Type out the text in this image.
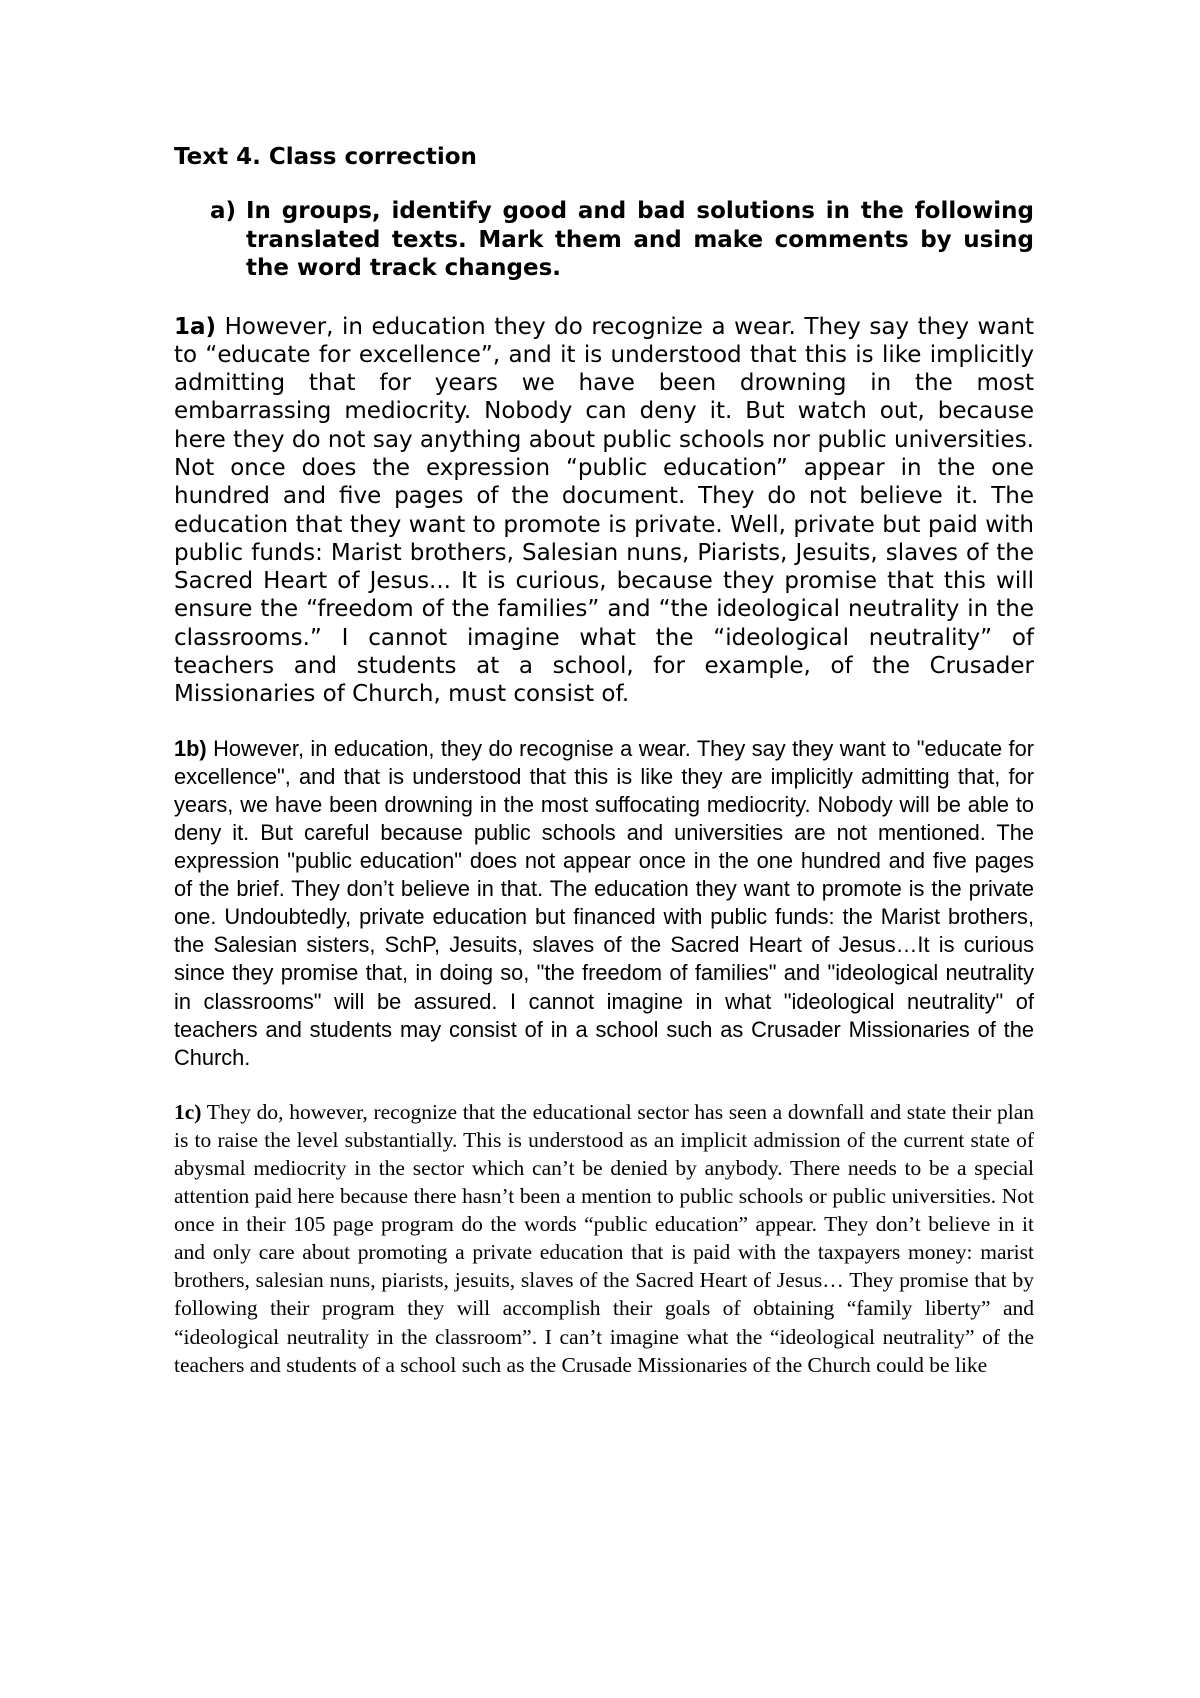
Text 4. Class correction
a) In groups, identify good and bad solutions in the following translated texts. Mark them and make comments by using the word track changes.

1a) However, in education they do recognize a wear. They say they want to “educate for excellence”, and it is understood that this is like implicitly admitting that for years we have been drowning in the most embarrassing mediocrity. Nobody can deny it. But watch out, because here they do not say anything about public schools nor public universities. Not once does the expression “public education” appear in the one hundred and five pages of the document. They do not believe it. The education that they want to promote is private. Well, private but paid with public funds: Marist brothers, Salesian nuns, Piarists, Jesuits, slaves of the Sacred Heart of Jesus... It is curious, because they promise that this will ensure the “freedom of the families” and “the ideological neutrality in the classrooms.” I cannot imagine what the “ideological neutrality” of teachers and students at a school, for example, of the Crusader Missionaries of Church, must consist of.

1b) However, in education, they do recognise a wear. They say they want to "educate for excellence", and that is understood that this is like they are implicitly admitting that, for years, we have been drowning in the most suffocating mediocrity. Nobody will be able to deny it. But careful because public schools and universities are not mentioned. The expression "public education" does not appear once in the one hundred and five pages of the brief. They don’t believe in that. The education they want to promote is the private one. Undoubtedly, private education but financed with public funds: the Marist brothers, the Salesian sisters, SchP, Jesuits, slaves of the Sacred Heart of Jesus…It is curious since they promise that, in doing so, "the freedom of families" and "ideological neutrality in classrooms" will be assured. I cannot imagine in what "ideological neutrality" of teachers and students may consist of in a school such as Crusader Missionaries of the Church.

1c) They do, however, recognize that the educational sector has seen a downfall and state their plan is to raise the level substantially. This is understood as an implicit admission of the current state of abysmal mediocrity in the sector which can’t be denied by anybody. There needs to be a special attention paid here because there hasn’t been a mention to public schools or public universities. Not once in their 105 page program do the words “public education” appear. They don’t believe in it and only care about promoting a private education that is paid with the taxpayers money: marist brothers, salesian nuns, piarists, jesuits, slaves of the Sacred Heart of Jesus… They promise that by following their program they will accomplish their goals of obtaining “family liberty” and “ideological neutrality in the classroom”. I can’t imagine what the “ideological neutrality” of the teachers and students of a school such as the Crusade Missionaries of the Church could be like
